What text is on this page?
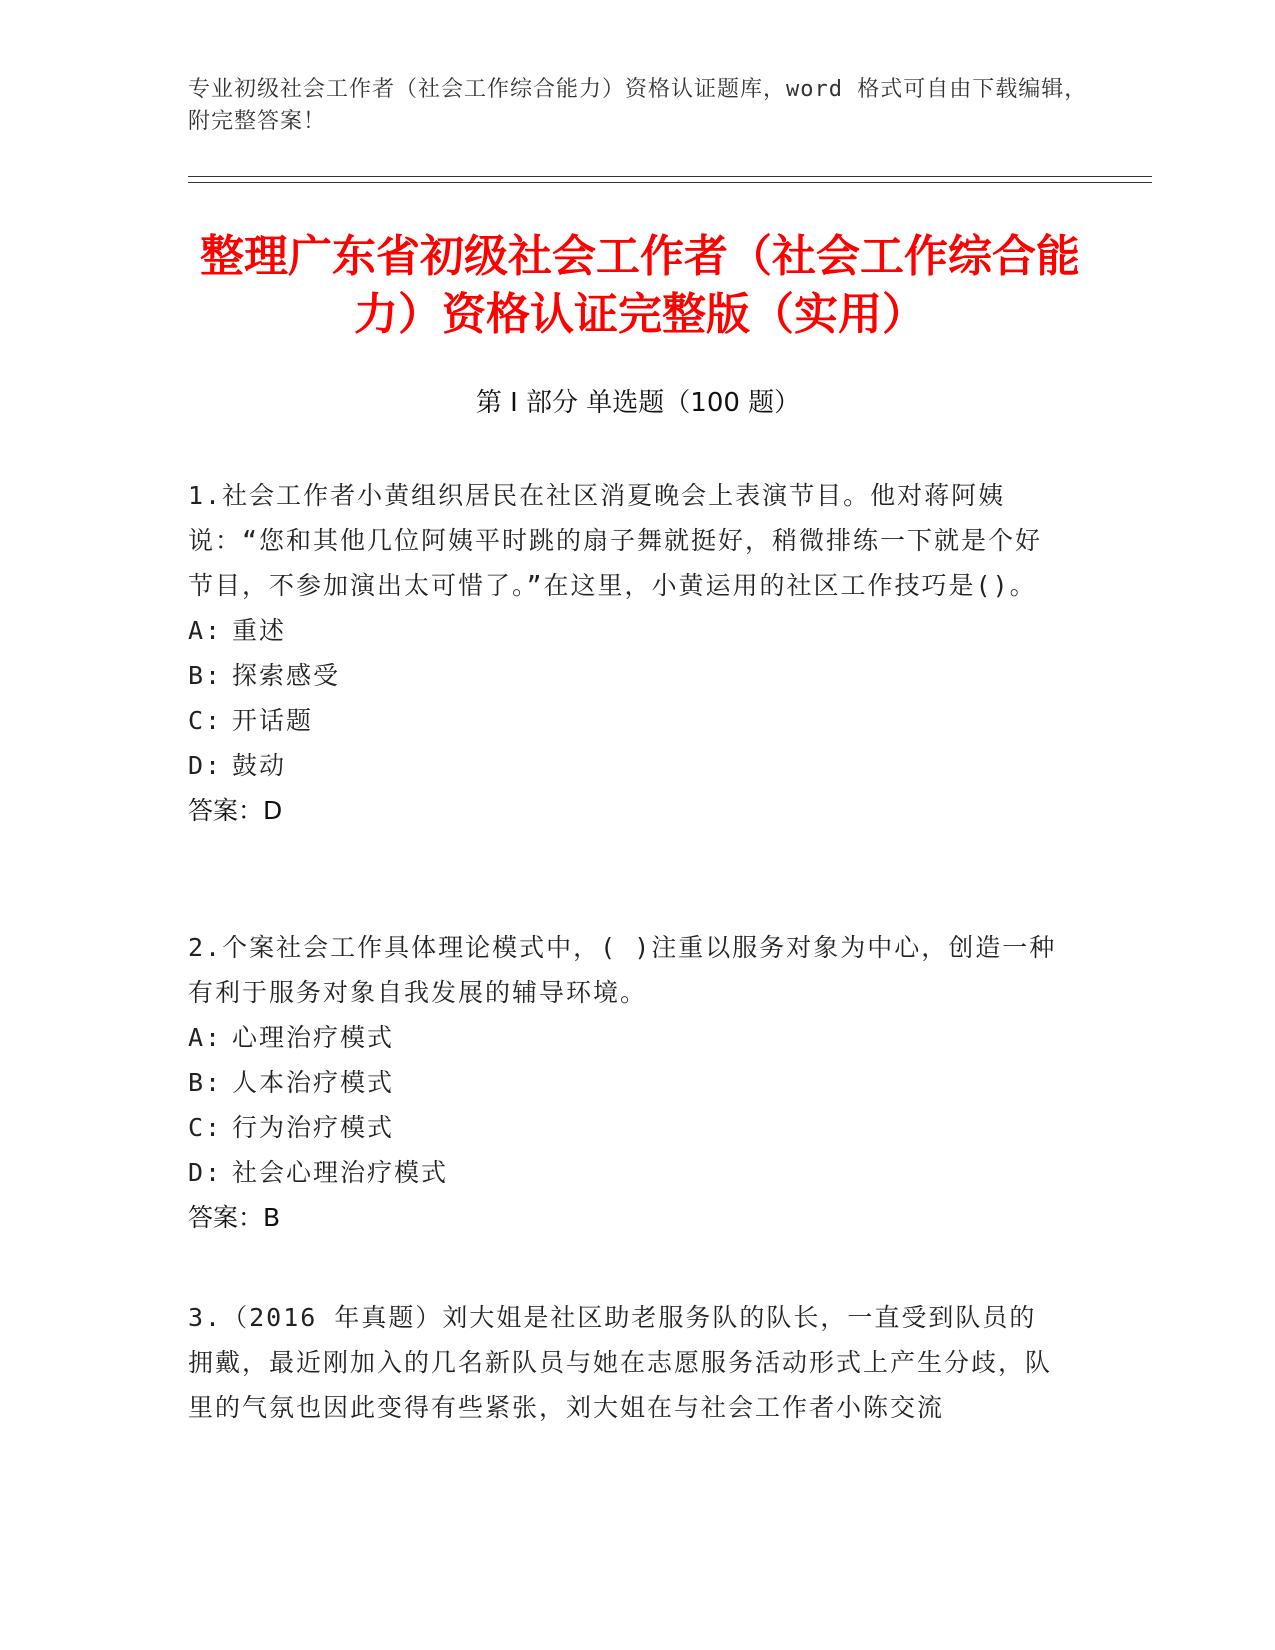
专业初级社会工作者（社会工作综合能力）资格认证题库，word 格式可自由下载编辑，附完整答案！
整理广东省初级社会工作者（社会工作综合能力）资格认证完整版（实用）
第 I 部分 单选题（100 题）

1.社会工作者小黄组织居民在社区消夏晚会上表演节目。他对蒋阿姨说：“您和其他几位阿姨平时跳的扇子舞就挺好，稍微排练一下就是个好节目，不参加演出太可惜了。”在这里，小黄运用的社区工作技巧是()。

A: 重述

B: 探索感受

C: 开话题

D: 鼓动

答案：D

2.个案社会工作具体理论模式中，( )注重以服务对象为中心，创造一种有利于服务对象自我发展的辅导环境。

A: 心理治疗模式

B: 人本治疗模式

C: 行为治疗模式

D: 社会心理治疗模式

答案：B

3.（2016 年真题）刘大姐是社区助老服务队的队长，一直受到队员的拥戴，最近刚加入的几名新队员与她在志愿服务活动形式上产生分歧，队里的气氛也因此变得有些紧张，刘大姐在与社会工作者小陈交流
